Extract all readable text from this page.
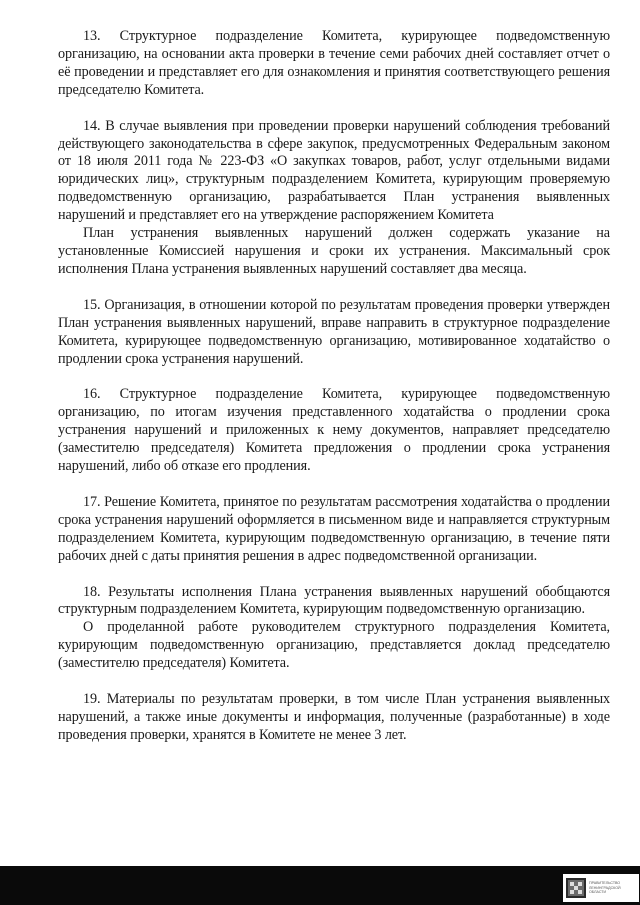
13. Структурное подразделение Комитета, курирующее подведомственную организацию, на основании акта проверки в течение семи рабочих дней составляет отчет о её проведении и представляет его для ознакомления и принятия соответствующего решения председателю Комитета.

14. В случае выявления при проведении проверки нарушений соблюдения требований действующего законодательства в сфере закупок, предусмотренных Федеральным законом от 18 июля 2011 года № 223-ФЗ «О закупках товаров, работ, услуг отдельными видами юридических лиц», структурным подразделением Комитета, курирующим проверяемую подведомственную организацию, разрабатывается План устранения выявленных нарушений и представляет его на утверждение распоряжением Комитета

План устранения выявленных нарушений должен содержать указание на установленные Комиссией нарушения и сроки их устранения. Максимальный срок исполнения Плана устранения выявленных нарушений составляет два месяца.

15. Организация, в отношении которой по результатам проведения проверки утвержден План устранения выявленных нарушений, вправе направить в структурное подразделение Комитета, курирующее подведомственную организацию, мотивированное ходатайство о продлении срока устранения нарушений.

16. Структурное подразделение Комитета, курирующее подведомственную организацию, по итогам изучения представленного ходатайства о продлении срока устранения нарушений и приложенных к нему документов, направляет председателю (заместителю председателя) Комитета предложения о продлении срока устранения нарушений, либо об отказе его продления.

17. Решение Комитета, принятое по результатам рассмотрения ходатайства о продлении срока устранения нарушений оформляется в письменном виде и направляется структурным подразделением Комитета, курирующим подведомственную организацию, в течение пяти рабочих дней с даты принятия решения в адрес подведомственной организации.

18. Результаты исполнения Плана устранения выявленных нарушений обобщаются структурным подразделением Комитета, курирующим подведомственную организацию.

О проделанной работе руководителем структурного подразделения Комитета, курирующим подведомственную организацию, представляется доклад председателю (заместителю председателя) Комитета.

19. Материалы по результатам проверки, в том числе План устранения выявленных нарушений, а также иные документы и информация, полученные (разработанные) в ходе проведения проверки, хранятся в Комитете не менее 3 лет.

ПРАВИТЕЛЬСТВО ЛЕНИНГРАДСКОЙ ОБЛАСТИ
